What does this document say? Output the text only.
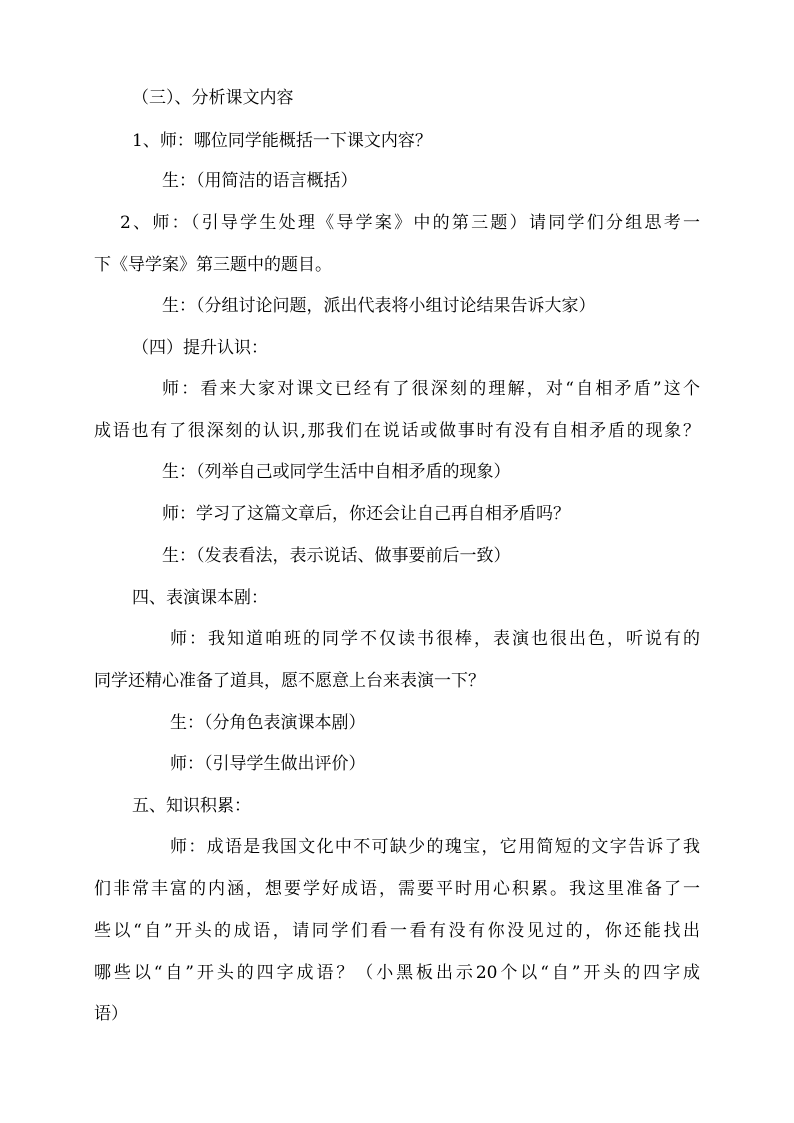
（三）、分析课文内容
1、师：哪位同学能概括一下课文内容？
生：（用简洁的语言概括）
2、师：（引导学生处理《导学案》中的第三题）请同学们分组思考一
下《导学案》第三题中的题目。
生：（分组讨论问题，派出代表将小组讨论结果告诉大家）
（四）提升认识：
师：看来大家对课文已经有了很深刻的理解，对“自相矛盾”这个
成语也有了很深刻的认识,那我们在说话或做事时有没有自相矛盾的现象？
生：（列举自己或同学生活中自相矛盾的现象）
师：学习了这篇文章后，你还会让自己再自相矛盾吗？
生：（发表看法，表示说话、做事要前后一致）
四、表演课本剧：
师：我知道咱班的同学不仅读书很棒，表演也很出色，听说有的
同学还精心准备了道具，愿不愿意上台来表演一下？
生：（分角色表演课本剧）
师：（引导学生做出评价）
五、知识积累：
师：成语是我国文化中不可缺少的瑰宝，它用简短的文字告诉了我
们非常丰富的内涵，想要学好成语，需要平时用心积累。我这里准备了一
些以“自”开头的成语，请同学们看一看有没有你没见过的，你还能找出
哪些以“自”开头的四字成语？（小黑板出示20个以“自”开头的四字成
语）
